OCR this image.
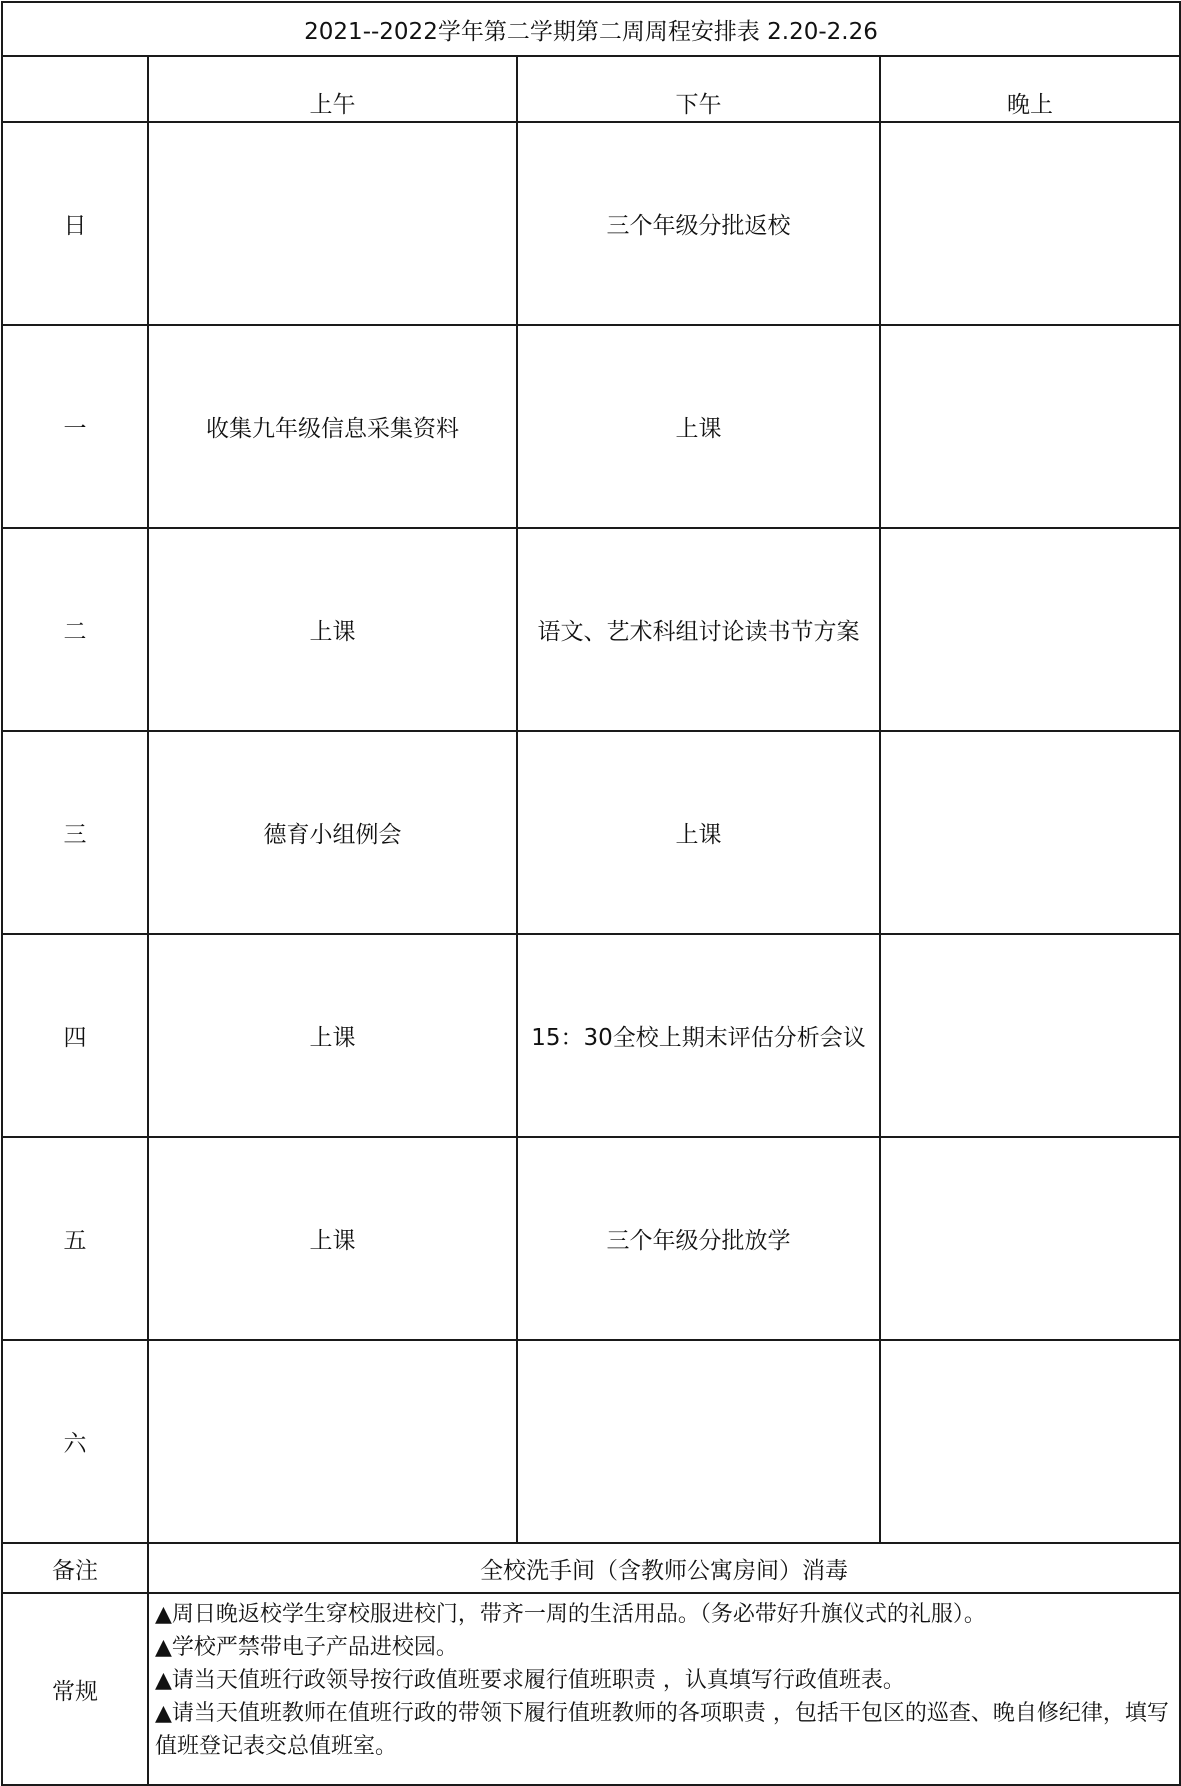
2021--2022学年第二学期第二周周程安排表 2.20-2.26			
	上午	下午	晚上
日		三个年级分批返校	
一	收集九年级信息采集资料	上课	
二	上课	语文、艺术科组讨论读书节方案	
三	德育小组例会	上课	
四	上课	15：30全校上期末评估分析会议	
五	上课	三个年级分批放学	
六			
备注	全校洗手间（含教师公寓房间）消毒		
常规	▲周日晚返校学生穿校服进校门，带齐一周的生活用品。（务必带好升旗仪式的礼服）。
▲学校严禁带电子产品进校园。
▲请当天值班行政领导按行政值班要求履行值班职责 ，认真填写行政值班表。
▲请当天值班教师在值班行政的带领下履行值班教师的各项职责 ，包括干包区的巡查、晚自修纪律，填写值班登记表交总值班室。		
